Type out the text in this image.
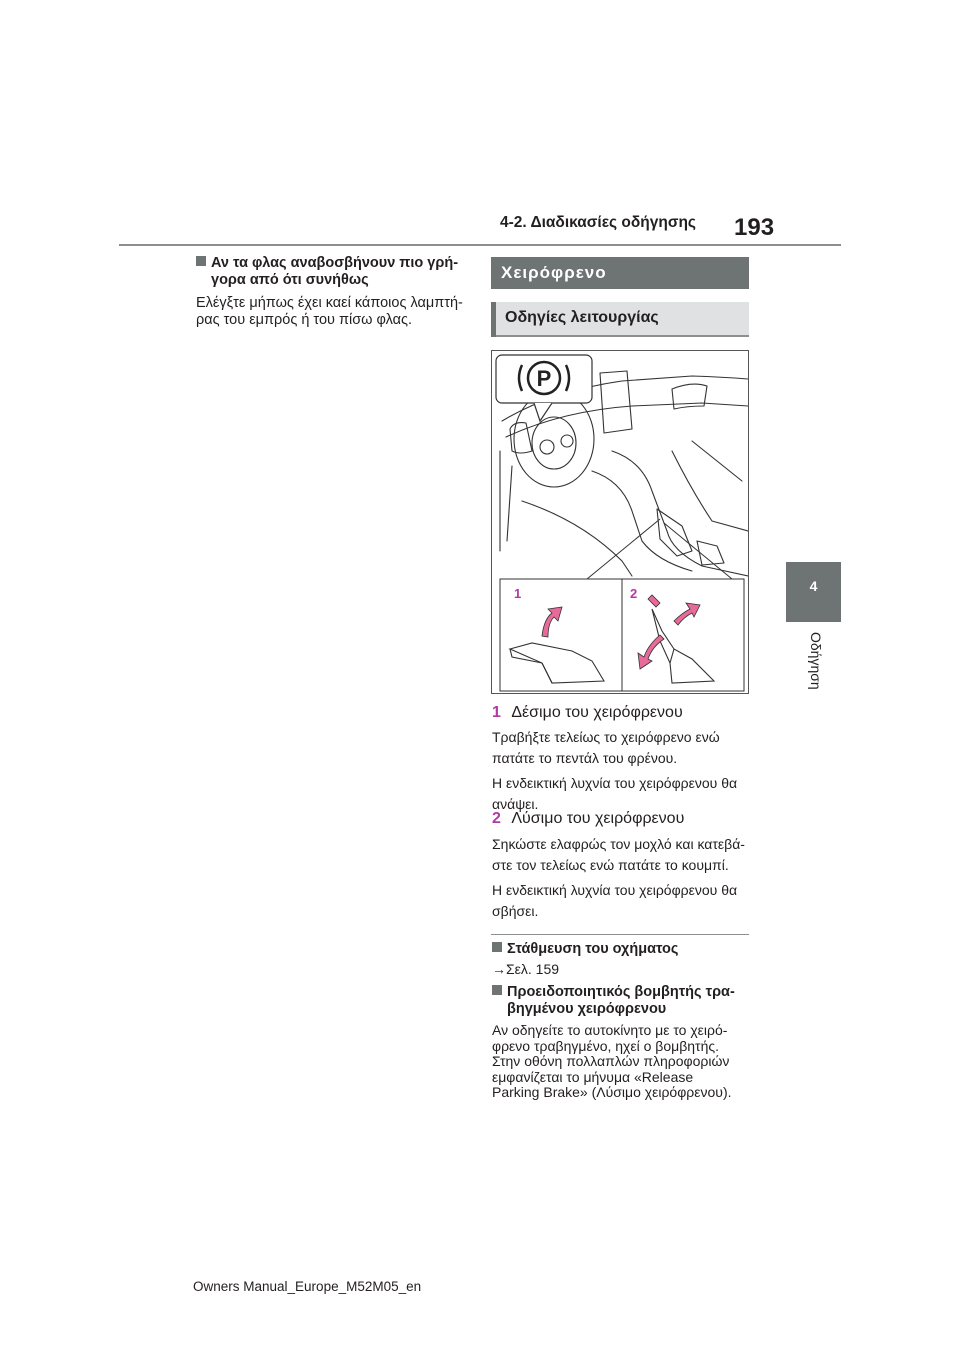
4-2. Διαδικασίες οδήγησης 193
4
Οδήγηση
Αν τα φλας αναβοσβήνουν πιο γρή-
γορα από ότι συνήθως
Ελέγξτε μήπως έχει καεί κάποιος λαμπτή-
ρας του εμπρός ή του πίσω φλας.
Χειρόφρενο
Οδηγίες λειτουργίας
P
1	2
1 Δέσιμο του χειρόφρενου
Τραβήξτε τελείως το χειρόφρενο ενώ
πατάτε το πεντάλ του φρένου.
Η ενδεικτική λυχνία του χειρόφρενου θα
ανάψει.
2 Λύσιμο του χειρόφρενου
Σηκώστε ελαφρώς τον μοχλό και κατεβά-
στε τον τελείως ενώ πατάτε το κουμπί.
Η ενδεικτική λυχνία του χειρόφρενου θα
σβήσει.
Στάθμευση του οχήματος
→Σελ. 159
Προειδοποιητικός βομβητής τρα-
βηγμένου χειρόφρενου
Αν οδηγείτε το αυτοκίνητο με το χειρό-
φρενο τραβηγμένο, ηχεί ο βομβητής.
Στην οθόνη πολλαπλών πληροφοριών
εμφανίζεται το μήνυμα «Release
Parking Brake» (Λύσιμο χειρόφρενου).
Owners Manual_Europe_M52M05_en
